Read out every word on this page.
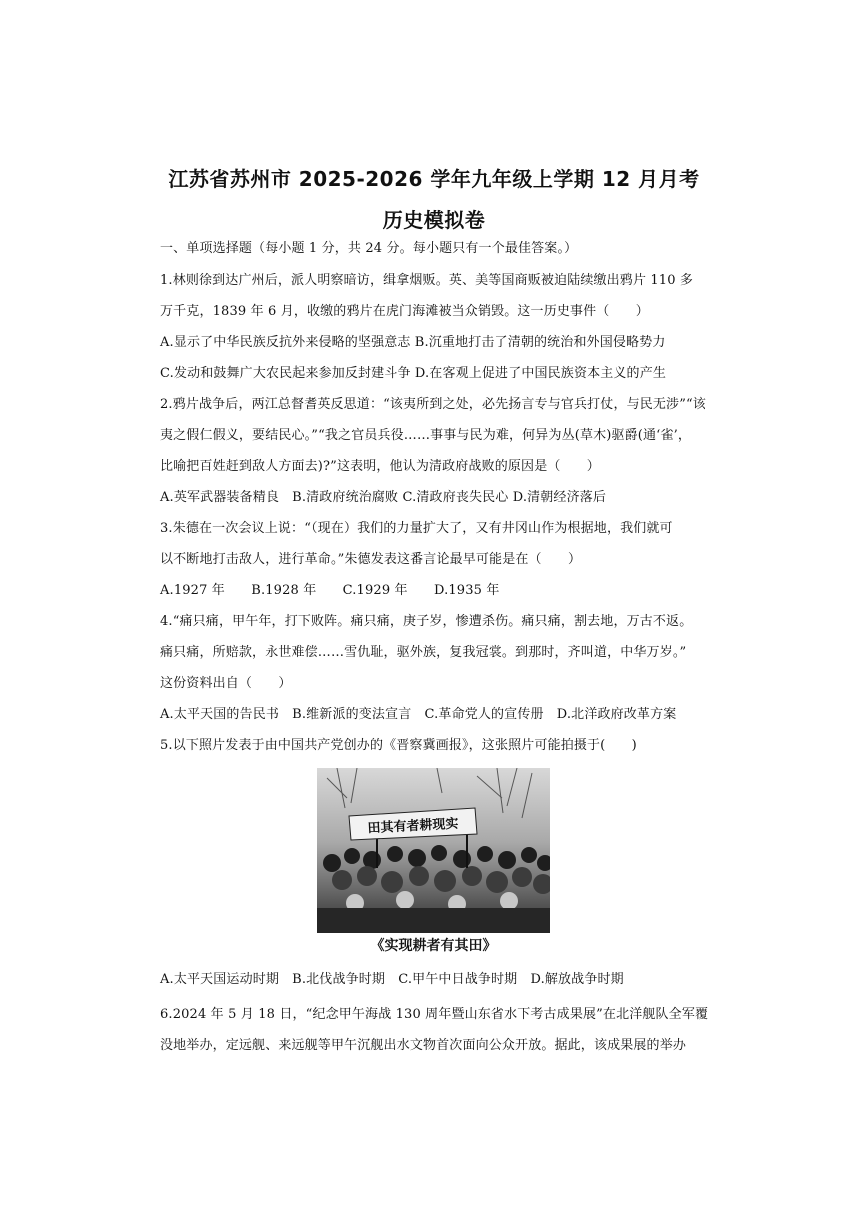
江苏省苏州市 2025-2026 学年九年级上学期 12 月月考
历史模拟卷
一、单项选择题（每小题 1 分，共 24 分。每小题只有一个最佳答案。）
1.林则徐到达广州后，派人明察暗访，缉拿烟贩。英、美等国商贩被迫陆续缴出鸦片 110 多
万千克，1839 年 6 月，收缴的鸦片在虎门海滩被当众销毁。这一历史事件（　　）
A.显示了中华民族反抗外来侵略的坚强意志 B.沉重地打击了清朝的统治和外国侵略势力
C.发动和鼓舞广大农民起来参加反封建斗争 D.在客观上促进了中国民族资本主义的产生
2.鸦片战争后，两江总督耆英反思道：“该夷所到之处，必先扬言专与官兵打仗，与民无涉”“该
夷之假仁假义，要结民心。”“我之官员兵役……事事与民为难，何异为丛(草木)驱爵(通‘雀’，
比喻把百姓赶到敌人方面去)?”这表明，他认为清政府战败的原因是（　　）
A.英军武器装备精良　B.清政府统治腐败 C.清政府丧失民心 D.清朝经济落后
3.朱德在一次会议上说：“（现在）我们的力量扩大了，又有井冈山作为根据地，我们就可
以不断地打击敌人，进行革命。”朱德发表这番言论最早可能是在（　　）
A.1927 年　　B.1928 年　　C.1929 年　　D.1935 年
4.“痛只痛，甲午年，打下败阵。痛只痛，庚子岁，惨遭杀伤。痛只痛，割去地，万古不返。
痛只痛，所赔款，永世难偿……雪仇耻，驱外族，复我冠裳。到那时，齐叫道，中华万岁。”
这份资料出自（　　）
A.太平天国的告民书　B.维新派的变法宣言　C.革命党人的宣传册　D.北洋政府改革方案
5.以下照片发表于由中国共产党创办的《晋察冀画报》，这张照片可能拍摄于(　　)
田其有者耕现实
《实现耕者有其田》
A.太平天国运动时期　B.北伐战争时期　C.甲午中日战争时期　D.解放战争时期
6.2024 年 5 月 18 日，“纪念甲午海战 130 周年暨山东省水下考古成果展”在北洋舰队全军覆
没地举办，定远舰、来远舰等甲午沉舰出水文物首次面向公众开放。据此，该成果展的举办
